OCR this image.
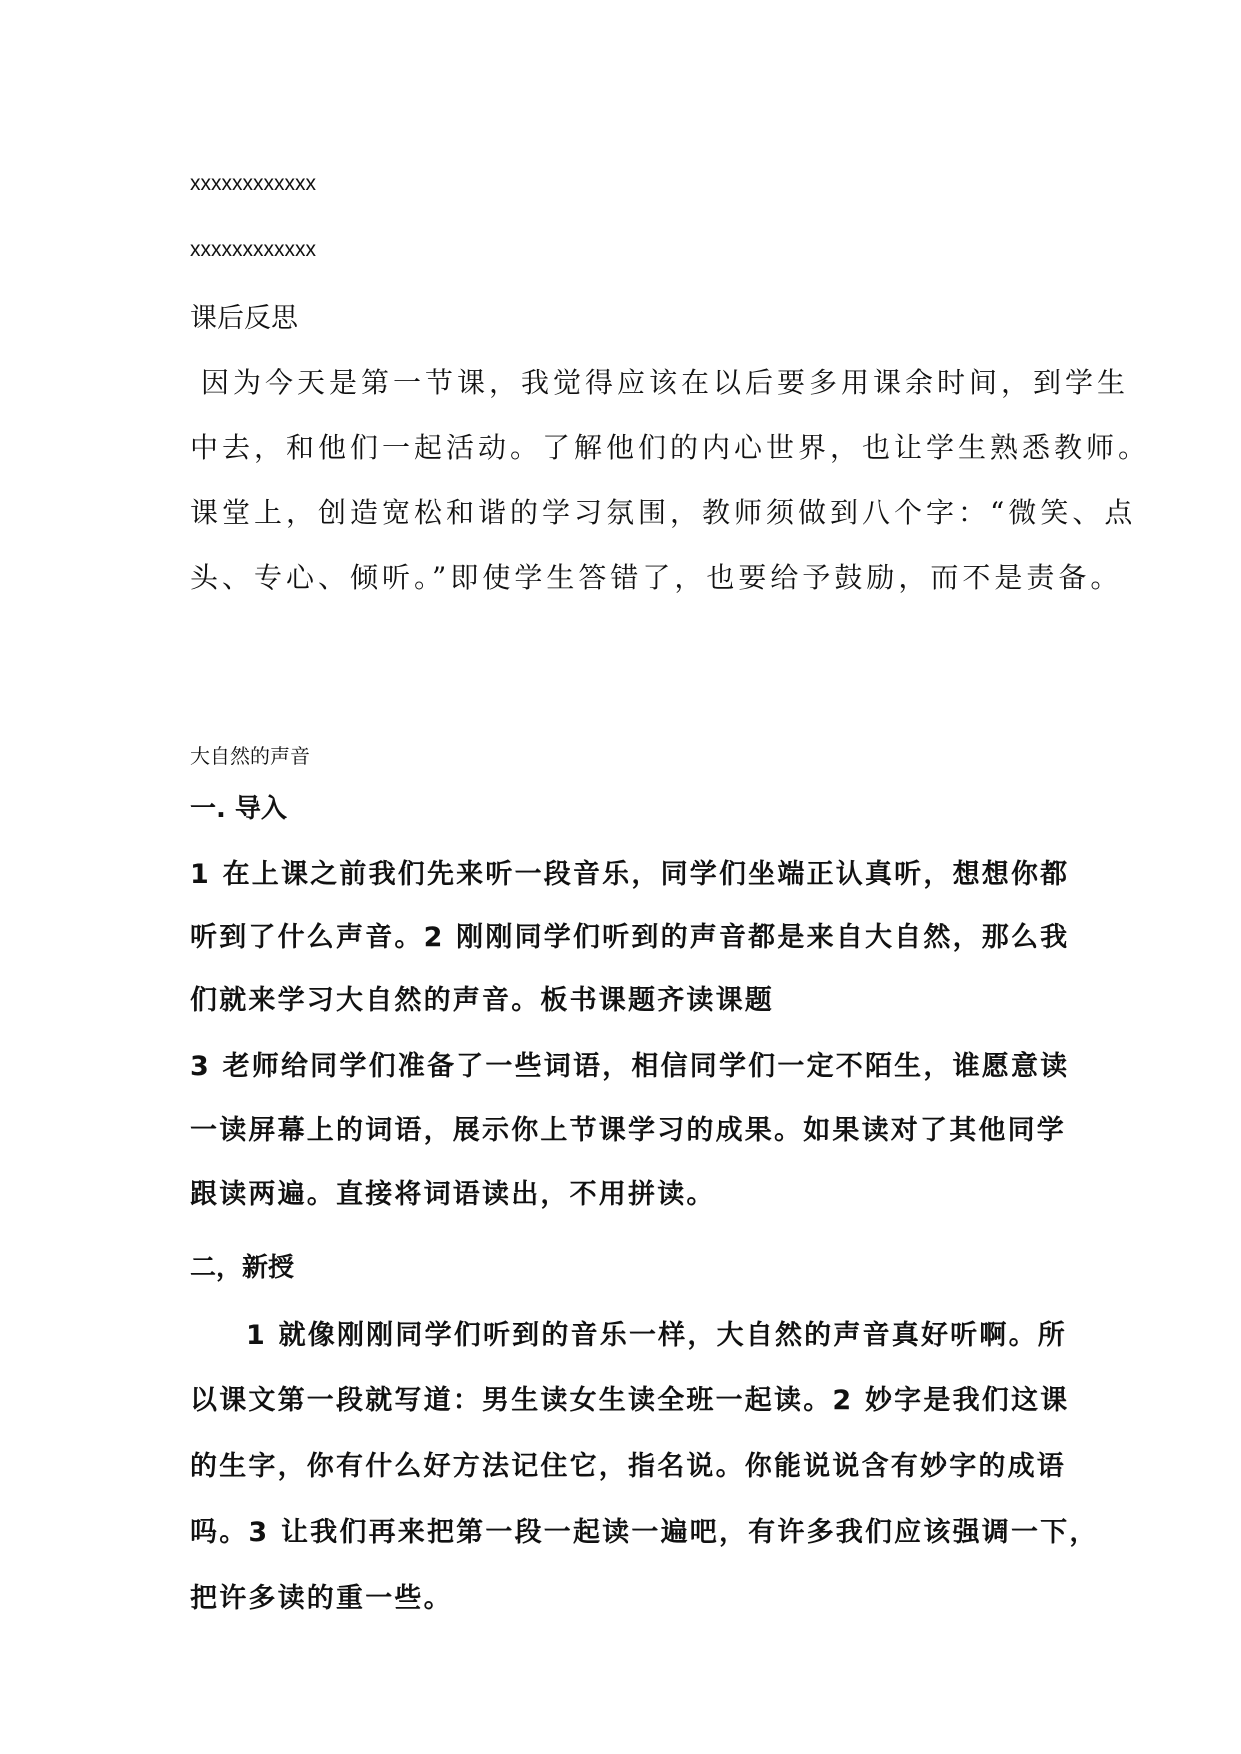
xxxxxxxxxxxx

xxxxxxxxxxxx

课后反思

因为今天是第一节课，我觉得应该在以后要多用课余时间，到学生

中去，和他们一起活动。了解他们的内心世界，也让学生熟悉教师。

课堂上，创造宽松和谐的学习氛围，教师须做到八个字：“微笑、点

头、专心、倾听。”即使学生答错了，也要给予鼓励，而不是责备。

大自然的声音

一. 导入

1 在上课之前我们先来听一段音乐，同学们坐端正认真听，想想你都

听到了什么声音。2 刚刚同学们听到的声音都是来自大自然，那么我

们就来学习大自然的声音。板书课题齐读课题

3 老师给同学们准备了一些词语，相信同学们一定不陌生，谁愿意读

一读屏幕上的词语，展示你上节课学习的成果。如果读对了其他同学

跟读两遍。直接将词语读出，不用拼读。

二，新授

1 就像刚刚同学们听到的音乐一样，大自然的声音真好听啊。所

以课文第一段就写道：男生读女生读全班一起读。2 妙字是我们这课

的生字，你有什么好方法记住它，指名说。你能说说含有妙字的成语

吗。3 让我们再来把第一段一起读一遍吧，有许多我们应该强调一下，

把许多读的重一些。
